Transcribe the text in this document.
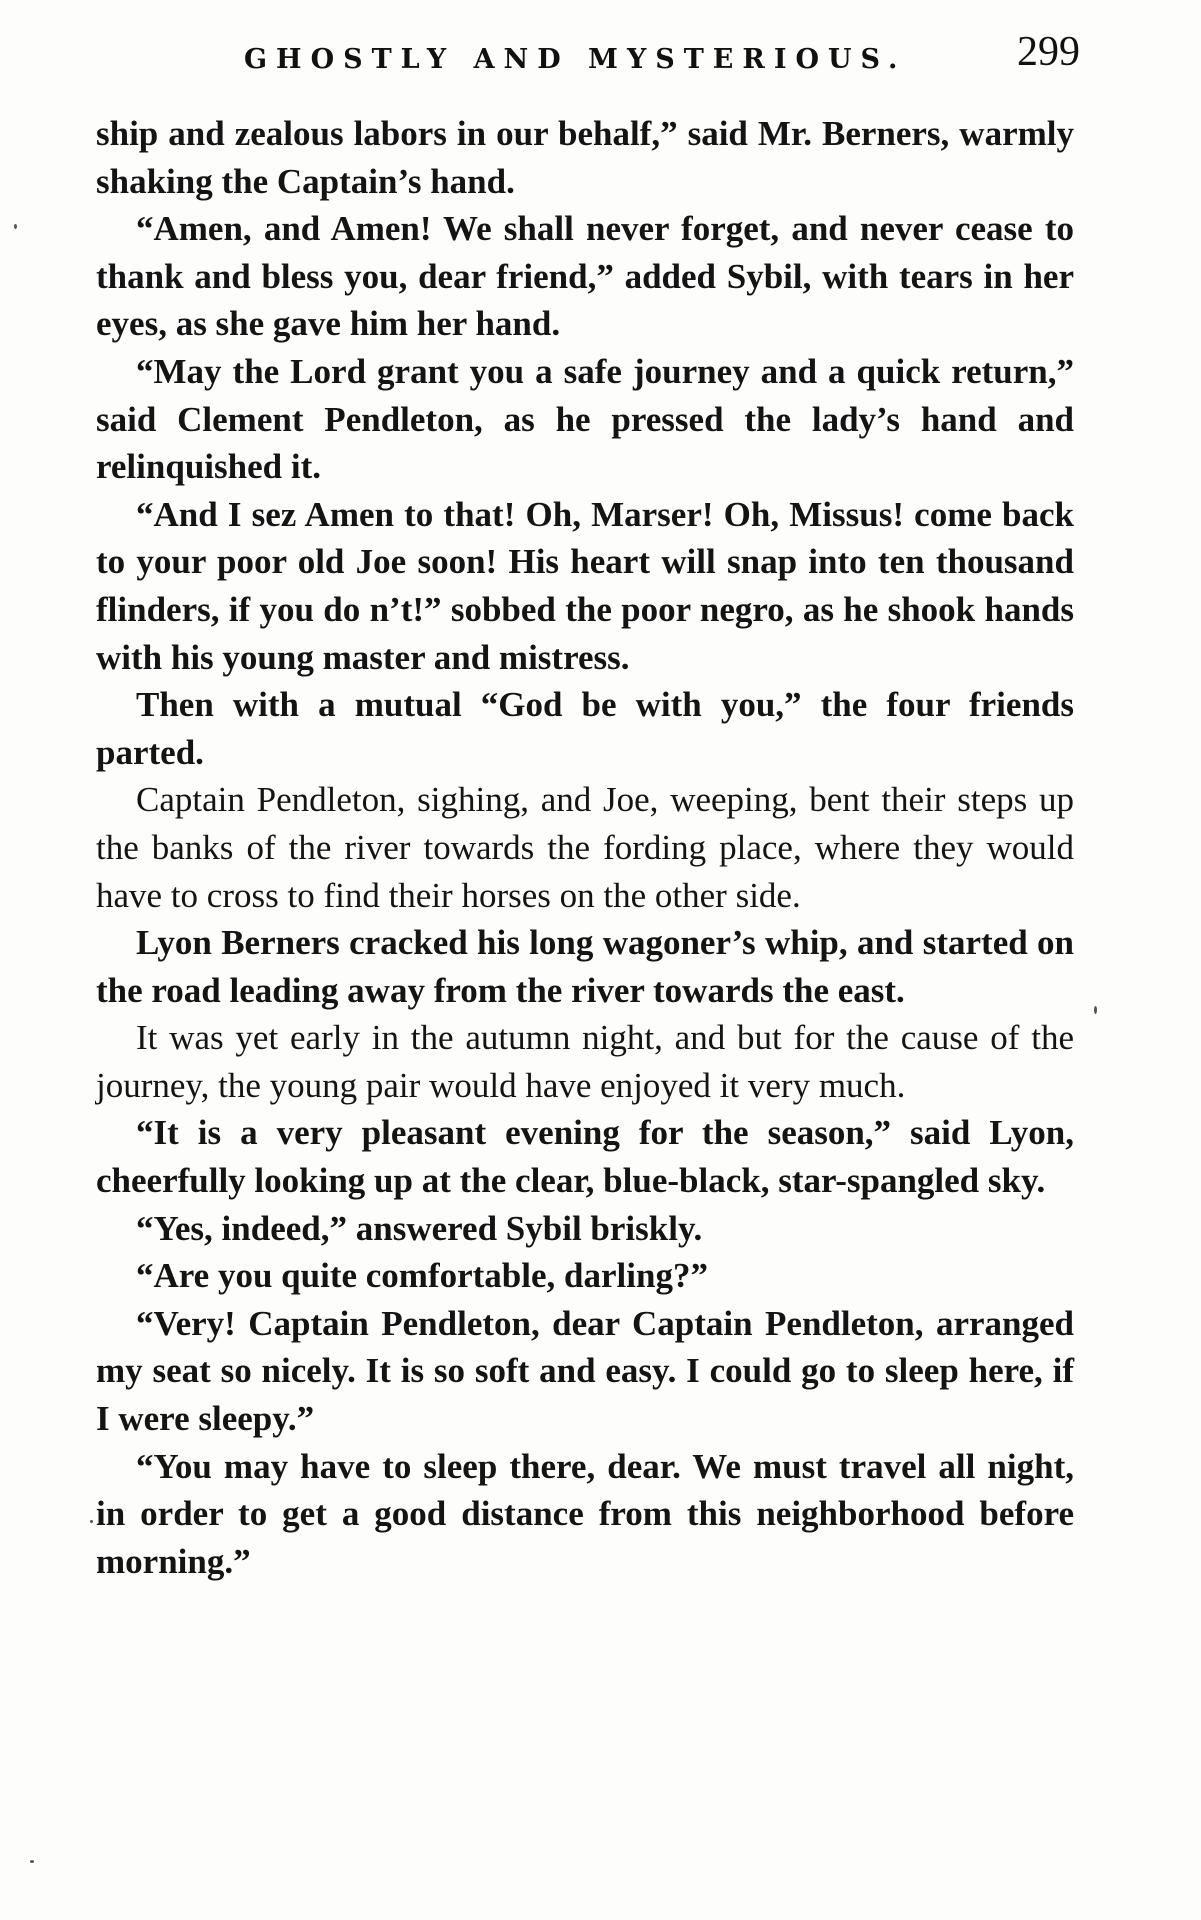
GHOSTLY AND MYSTERIOUS.	299

ship and zealous labors in our behalf,” said Mr. Berners, warmly shaking the Captain’s hand.

“Amen, and Amen! We shall never forget, and never cease to thank and bless you, dear friend,” added Sybil, with tears in her eyes, as she gave him her hand.

“May the Lord grant you a safe journey and a quick return,” said Clement Pendleton, as he pressed the lady’s hand and relinquished it.

“And I sez Amen to that! Oh, Marser! Oh, Missus! come back to your poor old Joe soon! His heart will snap into ten thousand flinders, if you do n’t!” sobbed the poor negro, as he shook hands with his young master and mistress.

Then with a mutual “God be with you,” the four friends parted.

Captain Pendleton, sighing, and Joe, weeping, bent their steps up the banks of the river towards the fording place, where they would have to cross to find their horses on the other side.

Lyon Berners cracked his long wagoner’s whip, and started on the road leading away from the river towards the east.

It was yet early in the autumn night, and but for the cause of the journey, the young pair would have enjoyed it very much.

“It is a very pleasant evening for the season,” said Lyon, cheerfully looking up at the clear, blue-black, star-spangled sky.

“Yes, indeed,” answered Sybil briskly.

“Are you quite comfortable, darling?”

“Very! Captain Pendleton, dear Captain Pendleton, arranged my seat so nicely. It is so soft and easy. I could go to sleep here, if I were sleepy.”

“You may have to sleep there, dear. We must travel all night, in order to get a good distance from this neighborhood before morning.”
